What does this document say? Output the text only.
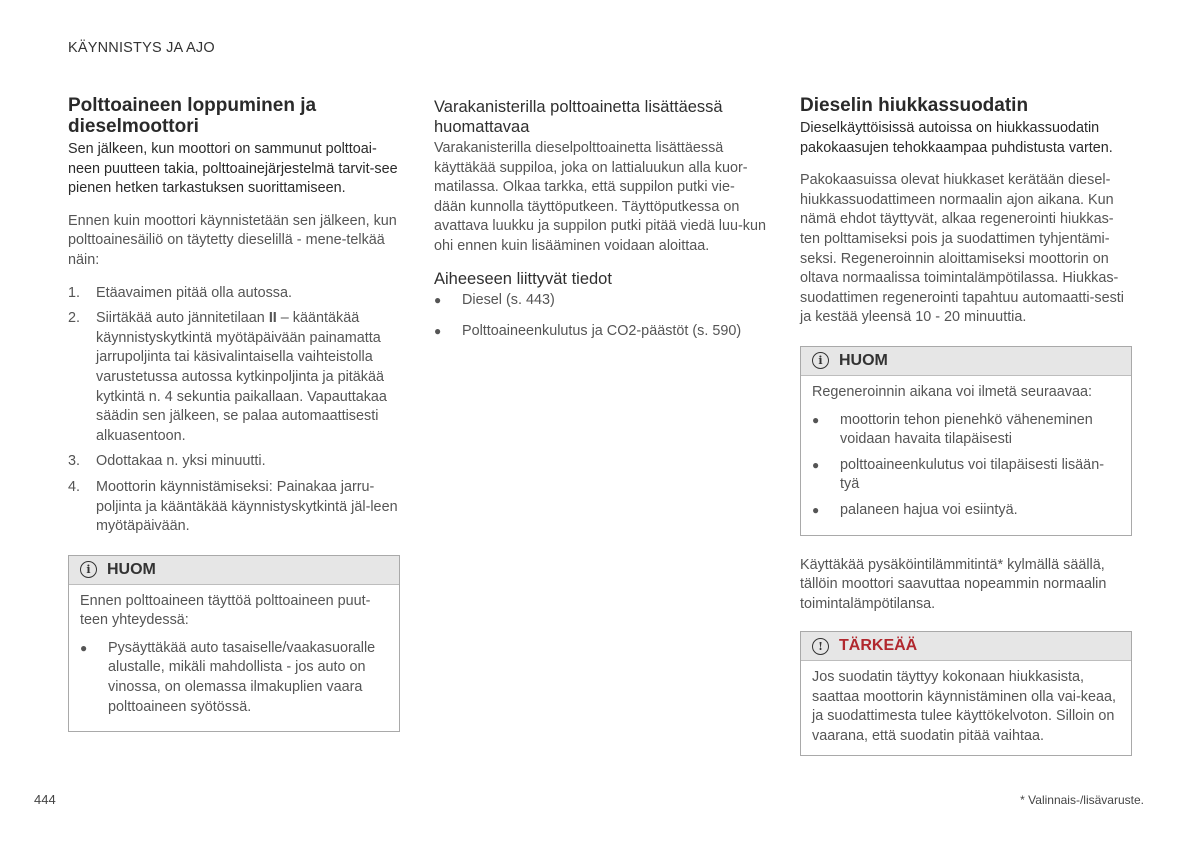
KÄYNNISTYS JA AJO
Polttoaineen loppuminen ja dieselmoottori

Sen jälkeen, kun moottori on sammunut polttoai-neen puutteen takia, polttoainejärjestelmä tarvit-see pienen hetken tarkastuksen suorittamiseen.

Ennen kuin moottori käynnistetään sen jälkeen, kun polttoainesäiliö on täytetty dieselillä - mene-telkää näin:

1.	Etäavaimen pitää olla autossa.
2.	Siirtäkää auto jännitetilaan II – kääntäkää käynnistyskytkintä myötäpäivään painamatta jarrupoljinta tai käsivalintaisella vaihteistolla varustetussa autossa kytkinpoljinta ja pitäkää kytkintä n. 4 sekuntia paikallaan. Vapauttakaa säädin sen jälkeen, se palaa automaattisesti alkuasentoon.
3.	Odottakaa n. yksi minuutti.
4.	Moottorin käynnistämiseksi: Painakaa jarru-poljinta ja kääntäkää käynnistyskytkintä jäl-leen myötäpäivään.
i	HUOM

Ennen polttoaineen täyttöä polttoaineen puut-teen yhteydessä:

●	Pysäyttäkää auto tasaiselle/vaakasuoralle alustalle, mikäli mahdollista - jos auto on vinossa, on olemassa ilmakuplien vaara polttoaineen syötössä.
Varakanisterilla polttoainetta lisättäessä huomattavaa

Varakanisterilla dieselpolttoainetta lisättäessä käyttäkää suppiloa, joka on lattialuukun alla kuor-matilassa. Olkaa tarkka, että suppilon putki vie-dään kunnolla täyttöputkeen. Täyttöputkessa on avattava luukku ja suppilon putki pitää viedä luu-kun ohi ennen kuin lisääminen voidaan aloittaa.

Aiheeseen liittyvät tiedot
●	Diesel (s. 443)
●	Polttoaineenkulutus ja CO2-päästöt (s. 590)
Dieselin hiukkassuodatin

Dieselkäyttöisissä autoissa on hiukkassuodatin pakokaasujen tehokkaampaa puhdistusta varten.

Pakokaasuissa olevat hiukkaset kerätään diesel-hiukkassuodattimeen normaalin ajon aikana. Kun nämä ehdot täyttyvät, alkaa regenerointi hiukkas-ten polttamiseksi pois ja suodattimen tyhjentämi-seksi. Regeneroinnin aloittamiseksi moottorin on oltava normaalissa toimintalämpötilassa. Hiukkas-suodattimen regenerointi tapahtuu automaatti-sesti ja kestää yleensä 10 - 20 minuuttia.

i	HUOM

Regeneroinnin aikana voi ilmetä seuraavaa:

●	moottorin tehon pienehkö väheneminen voidaan havaita tilapäisesti
●	polttoaineenkulutus voi tilapäisesti lisään-tyä
●	palaneen hajua voi esiintyä.

Käyttäkää pysäköintilämmitintä* kylmällä säällä, tällöin moottori saavuttaa nopeammin normaalin toimintalämpötilansa.

!	TÄRKEÄÄ

Jos suodatin täyttyy kokonaan hiukkasista, saattaa moottorin käynnistäminen olla vai-keaa, ja suodattimesta tulee käyttökelvoton. Silloin on vaarana, että suodatin pitää vaihtaa.

444	* Valinnais-/lisävaruste.
